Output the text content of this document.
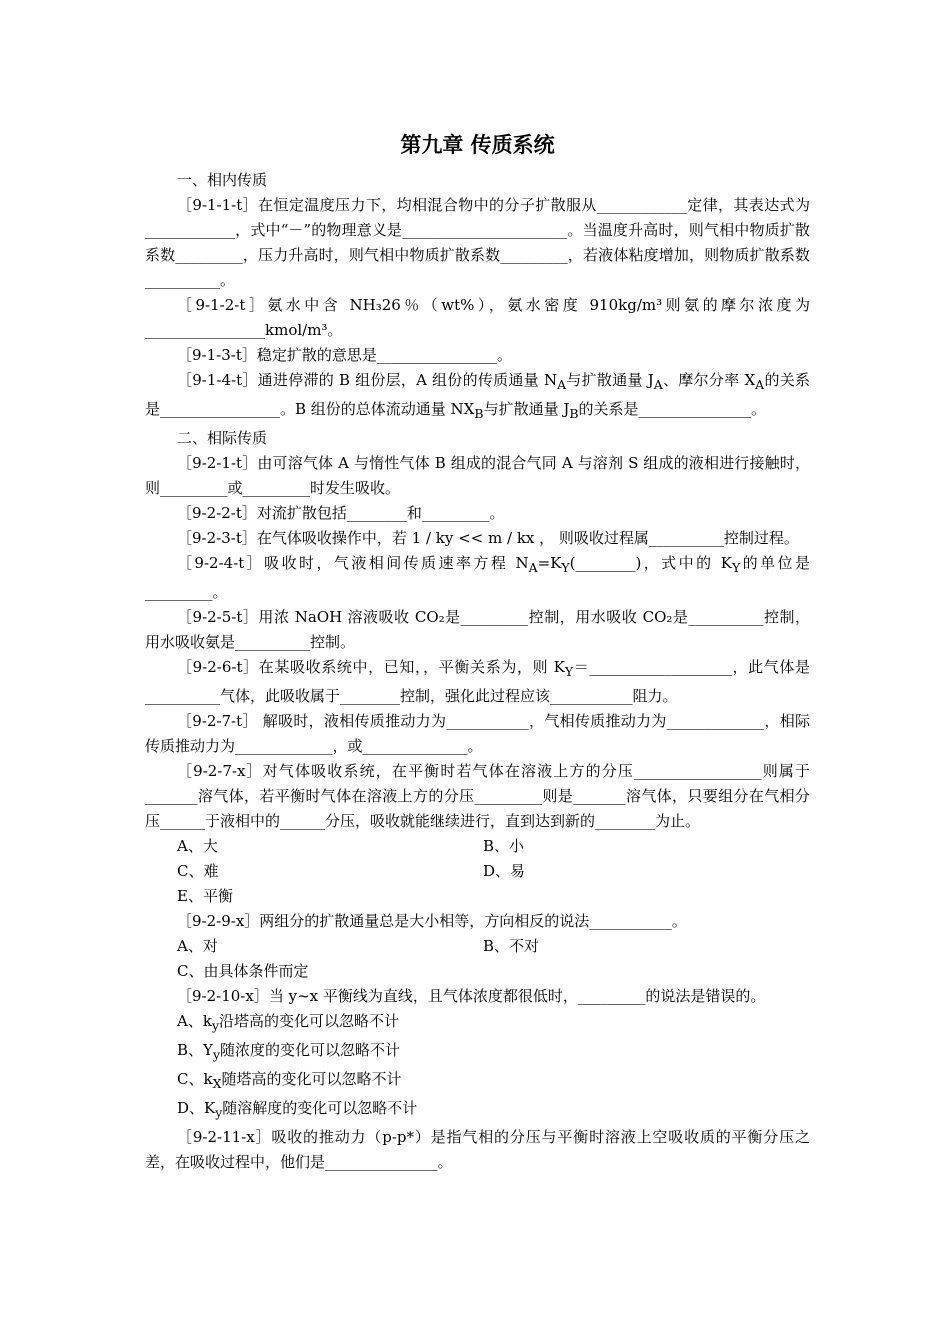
第九章 传质系统
一、相内传质
［9-1-1-t］在恒定温度压力下，均相混合物中的分子扩散服从____________定律，其表达式为____________，式中“－”的物理意义是______________________。当温度升高时，则气相中物质扩散系数_________，压力升高时，则气相中物质扩散系数_________，若液体粘度增加，则物质扩散系数__________。
［9-1-2-t］氨水中含 NH₃26％（wt%），氨水密度 910kg/m³则氨的摩尔浓度为________________kmol/m³。
［9-1-3-t］稳定扩散的意思是________________。
［9-1-4-t］通进停滞的 B 组份层，A 组份的传质通量 $N_A$与扩散通量 $J_A$、摩尔分率 $X_A$的关系是________________。B 组份的总体流动通量 $NX_B$与扩散通量 $J_B$的关系是_______________。
二、相际传质
［9-2-1-t］由可溶气体 A 与惰性气体 B 组成的混合气同 A 与溶剂 S 组成的液相进行接触时，则_________或_________时发生吸收。
［9-2-2-t］对流扩散包括________和_________。
［9-2-3-t］在气体吸收操作中，若 1 / ky << m / kx ， 则吸收过程属__________控制过程。
［9-2-4-t］吸收时，气液相间传质速率方程 $N_A=K_Y(\_\_\_\_\_\_\_\_)$，式中的 $K_Y$的单位是_________。
［9-2-5-t］用浓 NaOH 溶液吸收 CO₂是_________控制，用水吸收 CO₂是__________控制，用水吸收氨是__________控制。
［9-2-6-t］在某吸收系统中，已知，，平衡关系为，则 $K_Y=\_\_\_\_\_\_\_\_\_\_\_\_\_\_\_\_\_\_\_$，此气体是__________气体，此吸收属于________控制，强化此过程应该___________阻力。
［9-2-7-t］ 解吸时，液相传质推动力为___________，气相传质推动力为_____________，相际传质推动力为_____________，或______________。
［9-2-7-x］对气体吸收系统，在平衡时若气体在溶液上方的分压_________________则属于_______溶气体，若平衡时气体在溶液上方的分压_________则是_______溶气体，只要组分在气相分压______于液相中的______分压，吸收就能继续进行，直到达到新的________为止。
A、大	B、小
C、难	D、易
E、平衡
［9-2-9-x］两组分的扩散通量总是大小相等，方向相反的说法___________。
A、对	B、不对
C、由具体条件而定
［9-2-10-x］当 y~x 平衡线为直线，且气体浓度都很低时，_________的说法是错误的。
A、$k_y$沿塔高的变化可以忽略不计
B、$Y_y$随浓度的变化可以忽略不计
C、$k_X$随塔高的变化可以忽略不计
D、$K_y$随溶解度的变化可以忽略不计
［9-2-11-x］吸收的推动力（p-p*）是指气相的分压与平衡时溶液上空吸收质的平衡分压之差，在吸收过程中，他们是_______________。
